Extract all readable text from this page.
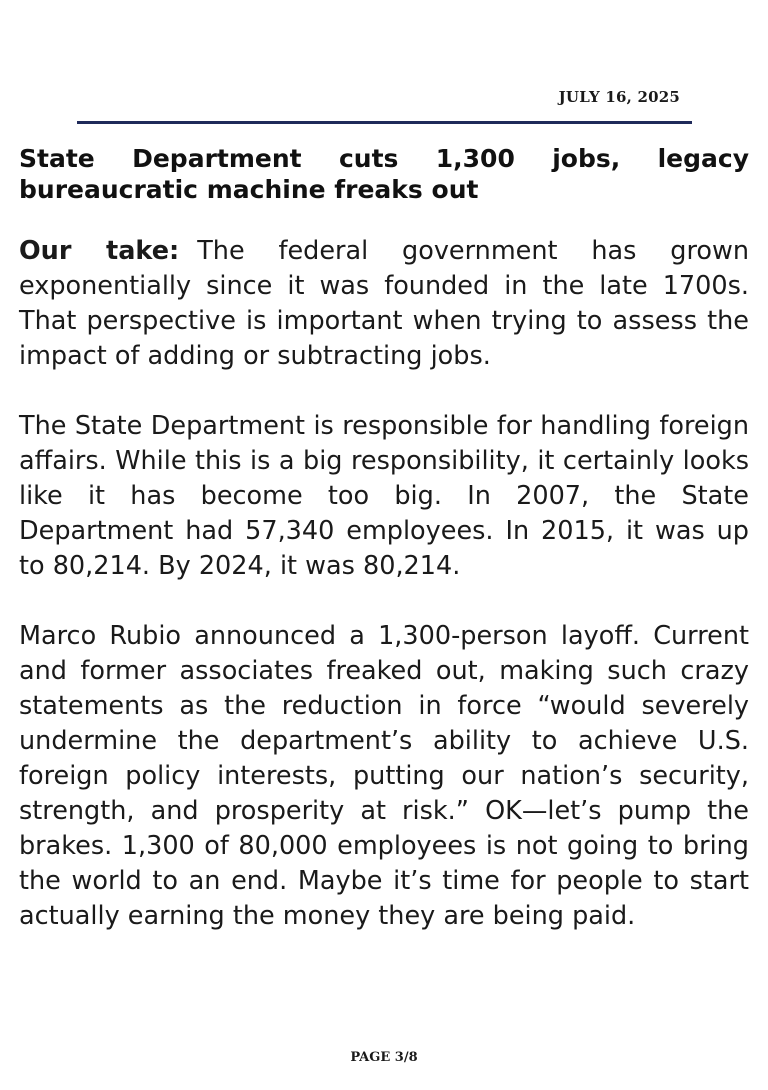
JULY 16, 2025
State Department cuts 1,300 jobs, legacy bureaucratic machine freaks out

Our take: The federal government has grown exponentially since it was founded in the late 1700s. That perspective is important when trying to assess the impact of adding or subtracting jobs.

The State Department is responsible for handling foreign affairs. While this is a big responsibility, it certainly looks like it has become too big. In 2007, the State Department had 57,340 employees. In 2015, it was up to 80,214. By 2024, it was 80,214.

Marco Rubio announced a 1,300-person layoff. Current and former associates freaked out, making such crazy statements as the reduction in force “would severely undermine the department’s ability to achieve U.S. foreign policy interests, putting our nation’s security, strength, and prosperity at risk.” OK—let’s pump the brakes. 1,300 of 80,000 employees is not going to bring the world to an end. Maybe it’s time for people to start actually earning the money they are being paid.

PAGE 3/8
